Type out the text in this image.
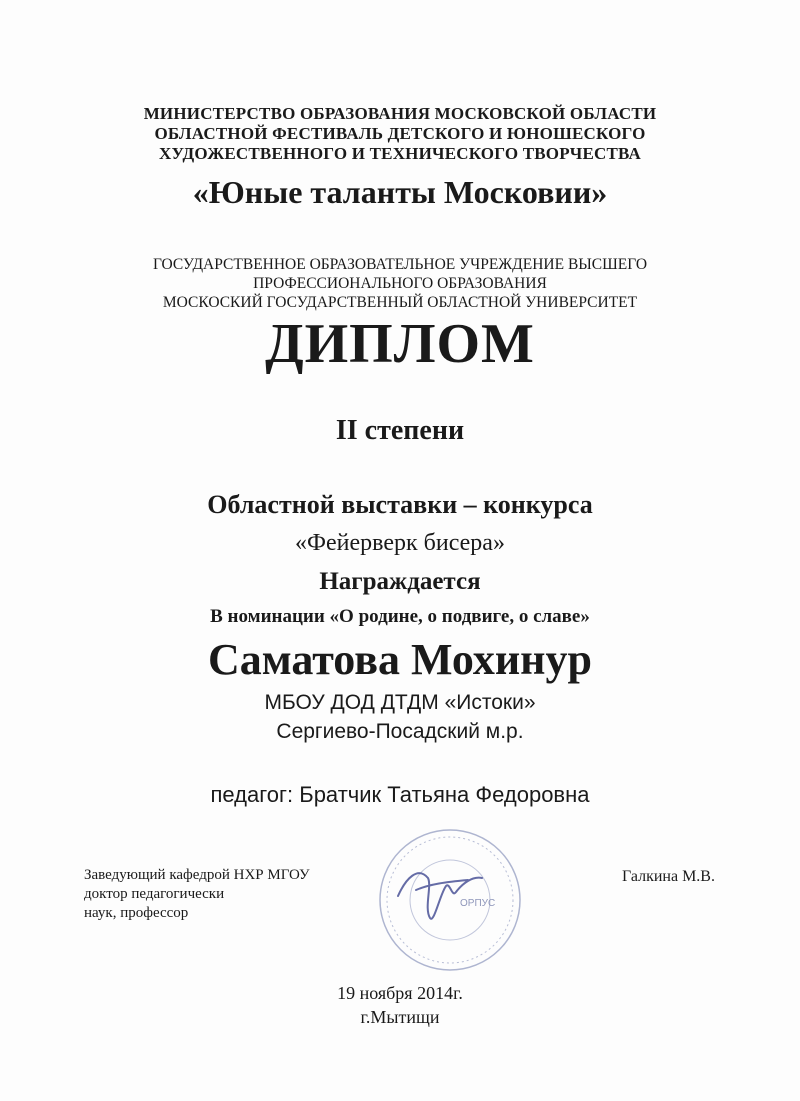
МИНИСТЕРСТВО ОБРАЗОВАНИЯ МОСКОВСКОЙ ОБЛАСТИ
ОБЛАСТНОЙ ФЕСТИВАЛЬ ДЕТСКОГО И ЮНОШЕСКОГО
ХУДОЖЕСТВЕННОГО И ТЕХНИЧЕСКОГО ТВОРЧЕСТВА
«Юные таланты Московии»
ГОСУДАРСТВЕННОЕ ОБРАЗОВАТЕЛЬНОЕ УЧРЕЖДЕНИЕ ВЫСШЕГО
ПРОФЕССИОНАЛЬНОГО ОБРАЗОВАНИЯ
МОСКОСКИЙ ГОСУДАРСТВЕННЫЙ ОБЛАСТНОЙ УНИВЕРСИТЕТ
ДИПЛОМ
II степени
Областной выставки – конкурса
«Фейерверк бисера»
Награждается
В номинации «О родине, о подвиге, о славе»
Саматова Мохинур
МБОУ ДОД ДТДМ «Истоки»
Сергиево-Посадский м.р.
педагог: Братчик Татьяна Федоровна
Заведующий кафедрой НХР МГОУ
доктор педагогически
наук, профессор
ОРПУС
Галкина М.В.
19 ноября 2014г.
г.Мытищи
